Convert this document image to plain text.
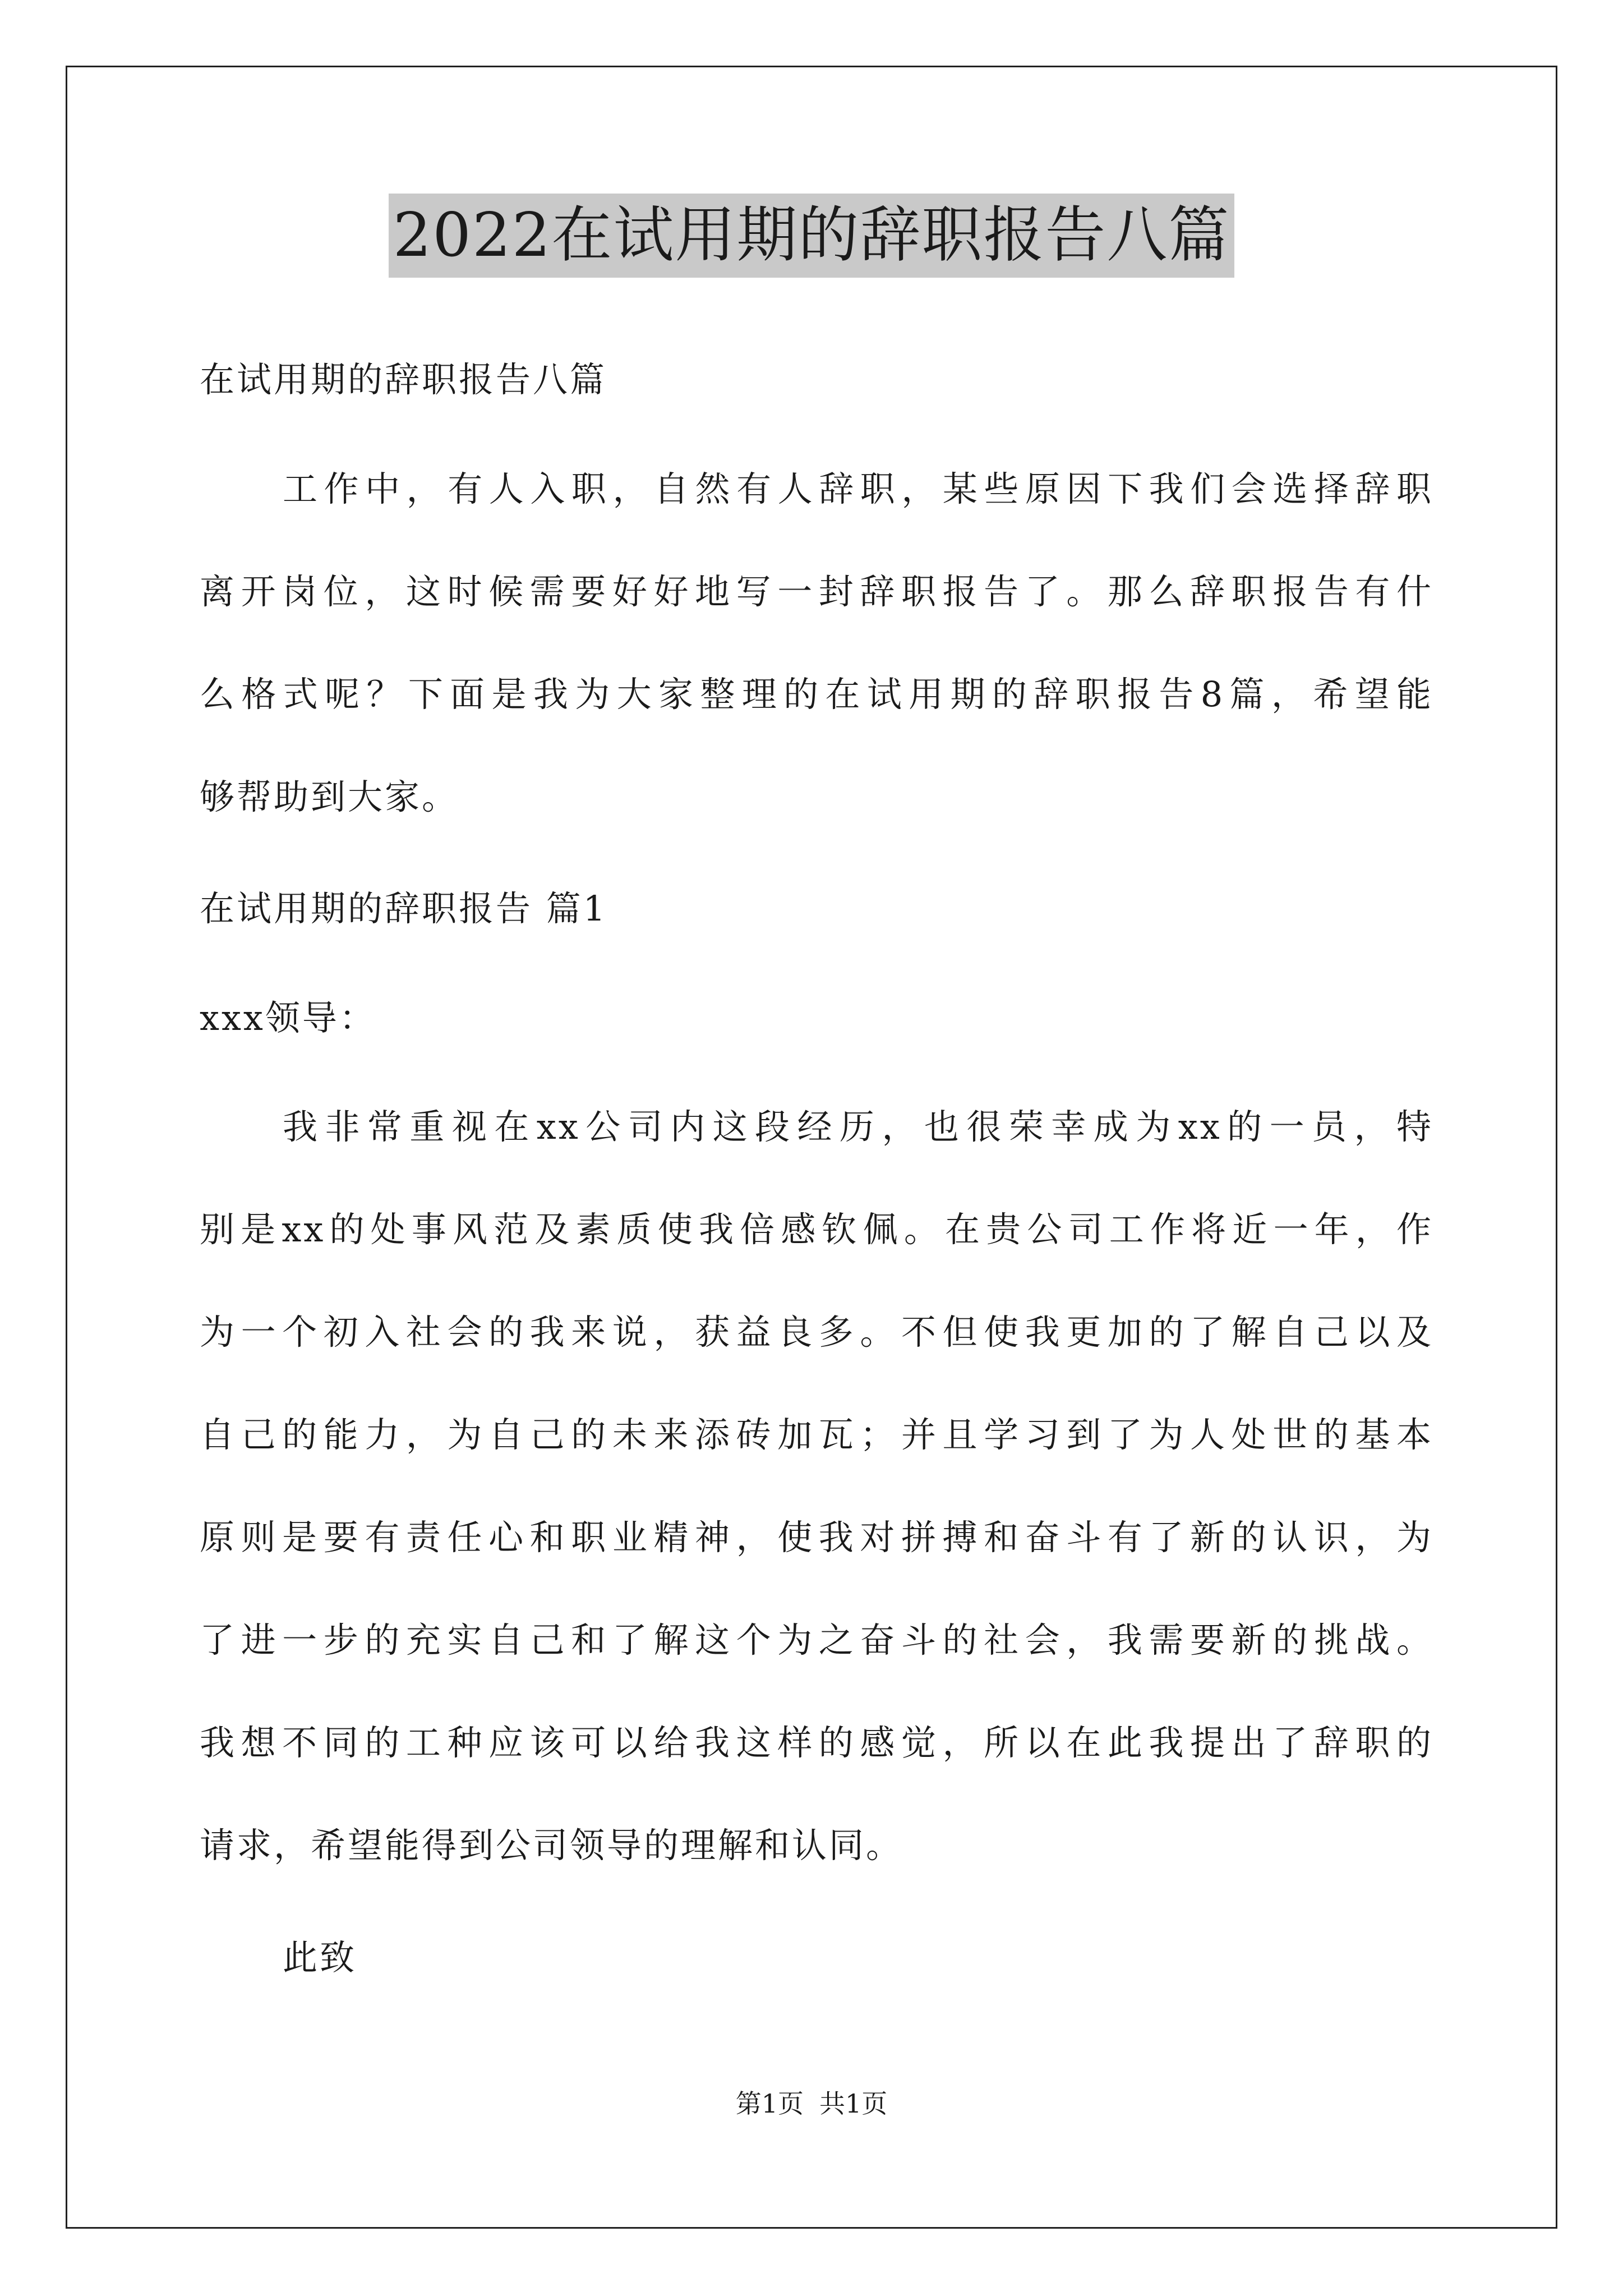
2022在试用期的辞职报告八篇
在试用期的辞职报告八篇
工作中，有人入职，自然有人辞职，某些原因下我们会选择辞职
离开岗位，这时候需要好好地写一封辞职报告了。那么辞职报告有什
么格式呢？下面是我为大家整理的在试用期的辞职报告8篇，希望能
够帮助到大家。
在试用期的辞职报告 篇1
xxx领导：
我非常重视在xx公司内这段经历，也很荣幸成为xx的一员，特
别是xx的处事风范及素质使我倍感钦佩。在贵公司工作将近一年，作
为一个初入社会的我来说，获益良多。不但使我更加的了解自己以及
自己的能力，为自己的未来添砖加瓦；并且学习到了为人处世的基本
原则是要有责任心和职业精神，使我对拼搏和奋斗有了新的认识，为
了进一步的充实自己和了解这个为之奋斗的社会，我需要新的挑战。
我想不同的工种应该可以给我这样的感觉，所以在此我提出了辞职的
请求，希望能得到公司领导的理解和认同。
此致
第1页 共1页
